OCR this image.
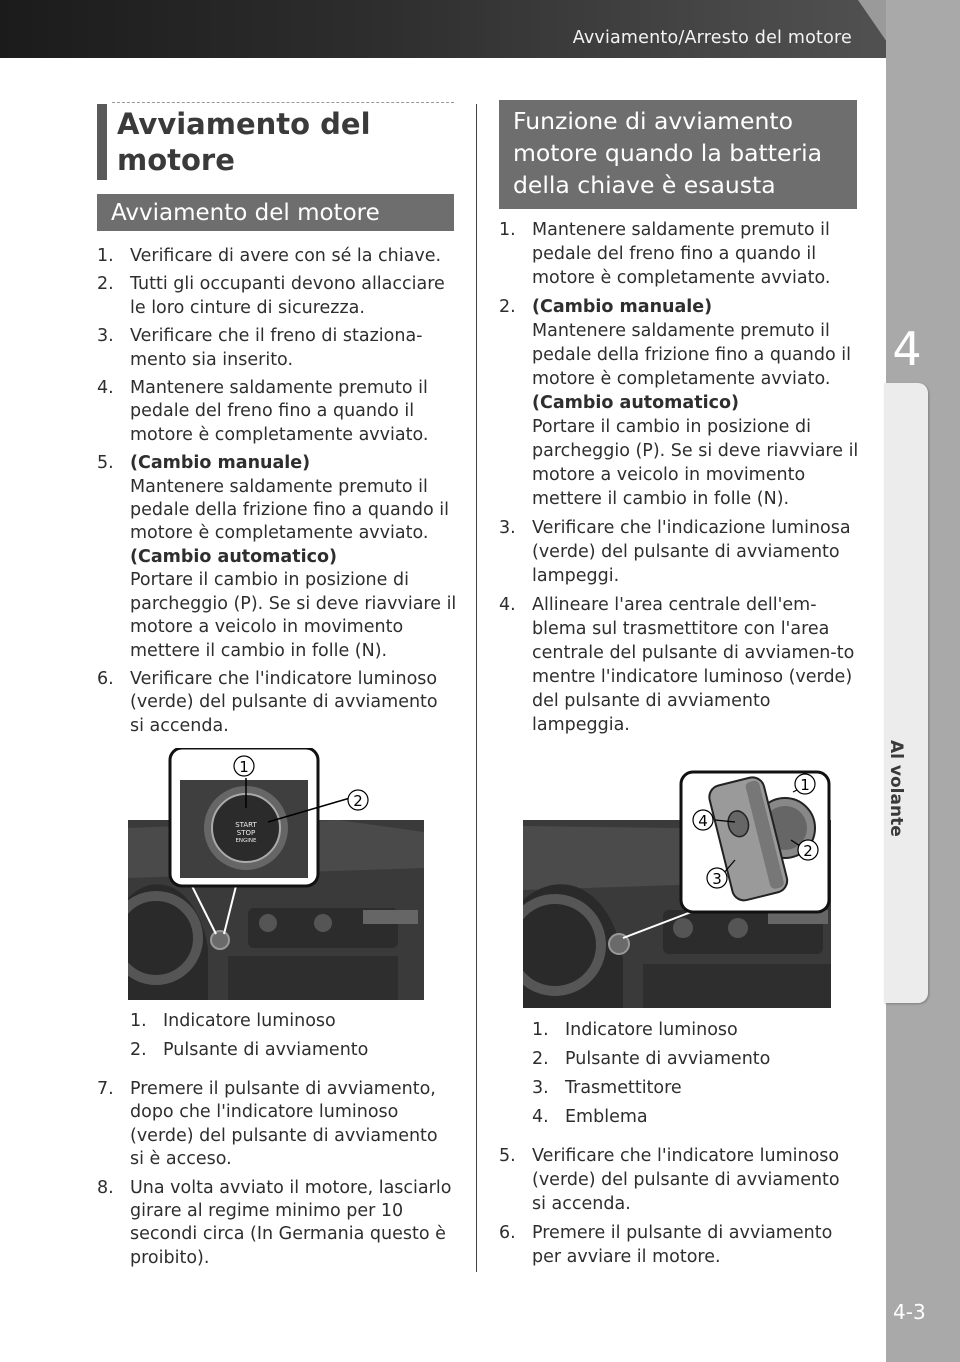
Avviamento/Arresto del motore
4
Al volante
4-3
carmanualsonline.info
Avviamento del motore
Avviamento del motore
1. Verificare di avere con sé la chiave.
2. Tutti gli occupanti devono allacciare le loro cinture di sicurezza.
3. Verificare che il freno di staziona-mento sia inserito.
4. Mantenere saldamente premuto il pedale del freno fino a quando il motore è completamente avviato.
5. (Cambio manuale)
Mantenere saldamente premuto il pedale della frizione fino a quando il motore è completamente avviato.
(Cambio automatico)
Portare il cambio in posizione di parcheggio (P). Se si deve riavviare il motore a veicolo in movimento mettere il cambio in folle (N).
6. Verificare che l'indicatore luminoso (verde) del pulsante di avviamento si accenda.
START
STOP
ENGINE
1
2
1. Indicatore luminoso
2. Pulsante di avviamento
7. Premere il pulsante di avviamento, dopo che l'indicatore luminoso (verde) del pulsante di avviamento si è acceso.
8. Una volta avviato il motore, lasciarlo girare al regime minimo per 10 secondi circa (In Germania questo è proibito).
Funzione di avviamento motore quando la batteria della chiave è esausta
1. Mantenere saldamente premuto il pedale del freno fino a quando il motore è completamente avviato.
2. (Cambio manuale)
Mantenere saldamente premuto il pedale della frizione fino a quando il motore è completamente avviato.
(Cambio automatico)
Portare il cambio in posizione di parcheggio (P). Se si deve riavviare il motore a veicolo in movimento mettere il cambio in folle (N).
3. Verificare che l'indicazione luminosa (verde) del pulsante di avviamento lampeggi.
4. Allineare l'area centrale dell'em-blema sul trasmettitore con l'area centrale del pulsante di avviamen-to mentre l'indicatore luminoso (verde) del pulsante di avviamento lampeggia.
1
2
3
4
1. Indicatore luminoso
2. Pulsante di avviamento
3. Trasmettitore
4. Emblema
5. Verificare che l'indicatore luminoso (verde) del pulsante di avviamento si accenda.
6. Premere il pulsante di avviamento per avviare il motore.
